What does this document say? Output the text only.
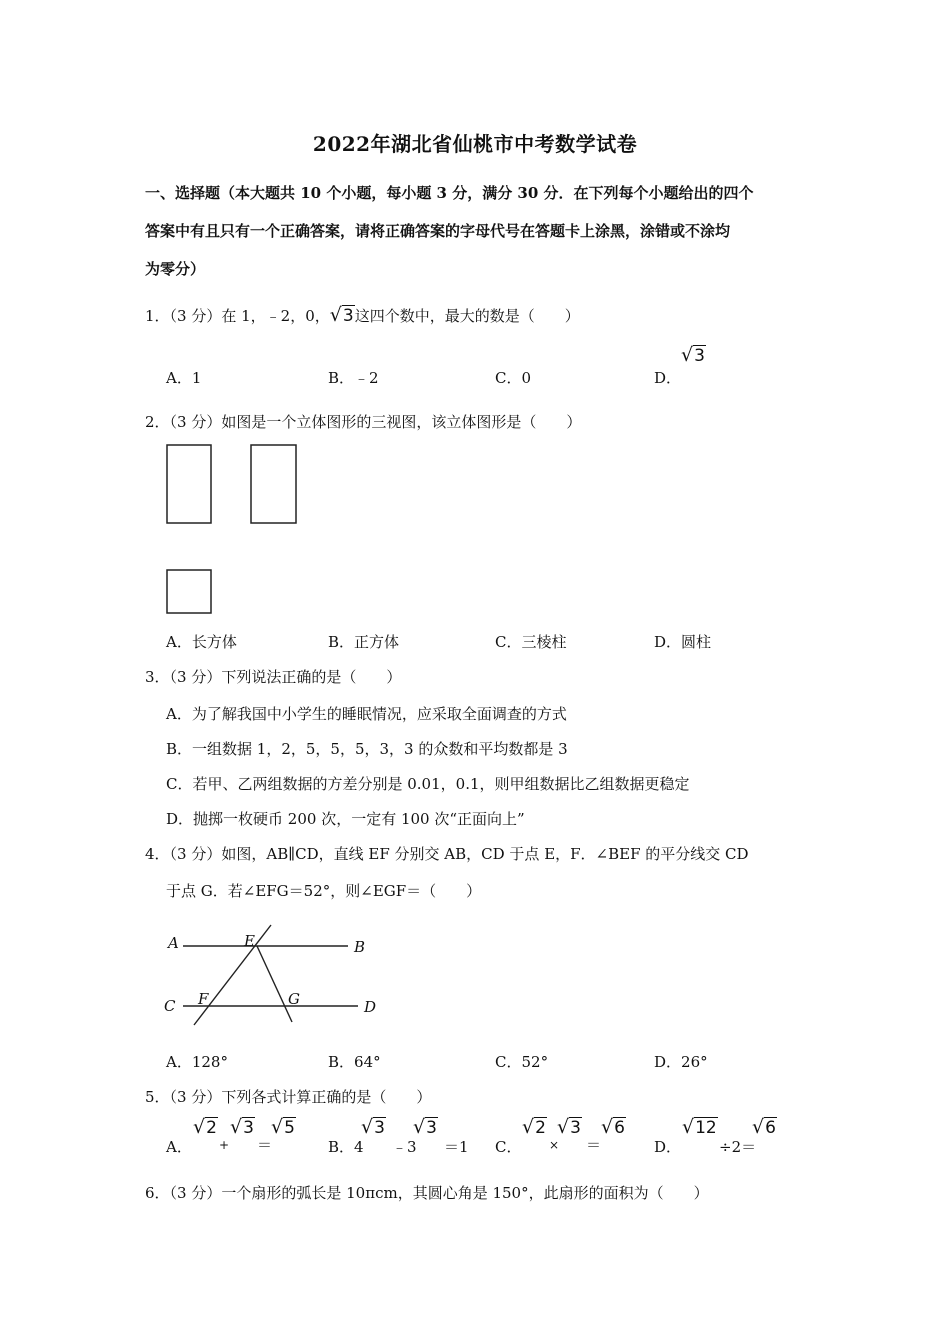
2022年湖北省仙桃市中考数学试卷
一、选择题（本大题共 10 个小题，每小题 3 分，满分 30 分．在下列每个小题给出的四个
答案中有且只有一个正确答案，请将正确答案的字母代号在答题卡上涂黑，涂错或不涂均
为零分）
1．（3 分）在 1，﹣2，0，√3这四个数中，最大的数是（　　）
A．1	B．﹣2	C．0	D．
√3
2．（3 分）如图是一个立体图形的三视图，该立体图形是（　　）
A．长方体	B．正方体	C．三棱柱	D．圆柱
3．（3 分）下列说法正确的是（　　）
A．为了解我国中小学生的睡眠情况，应采取全面调查的方式
B．一组数据 1，2，5，5，5，3，3 的众数和平均数都是 3
C．若甲、乙两组数据的方差分别是 0.01，0.1，则甲组数据比乙组数据更稳定
D．抛掷一枚硬币 200 次，一定有 100 次“正面向上”
4．（3 分）如图，AB∥CD，直线 EF 分别交 AB，CD 于点 E，F．∠BEF 的平分线交 CD
于点 G．若∠EFG＝52°，则∠EGF＝（　　）
A	B
C	D
E
F	G
A．128°	B．64°	C．52°	D．26°
5．（3 分）下列各式计算正确的是（　　）
A．
√2
+
√3
＝
√5
B．4
√3
﹣3
√3
＝1 C．
√2
×
√3
＝
√6
D．
√12
÷2＝
√6
6．（3 分）一个扇形的弧长是 10πcm，其圆心角是 150°，此扇形的面积为（　　）
